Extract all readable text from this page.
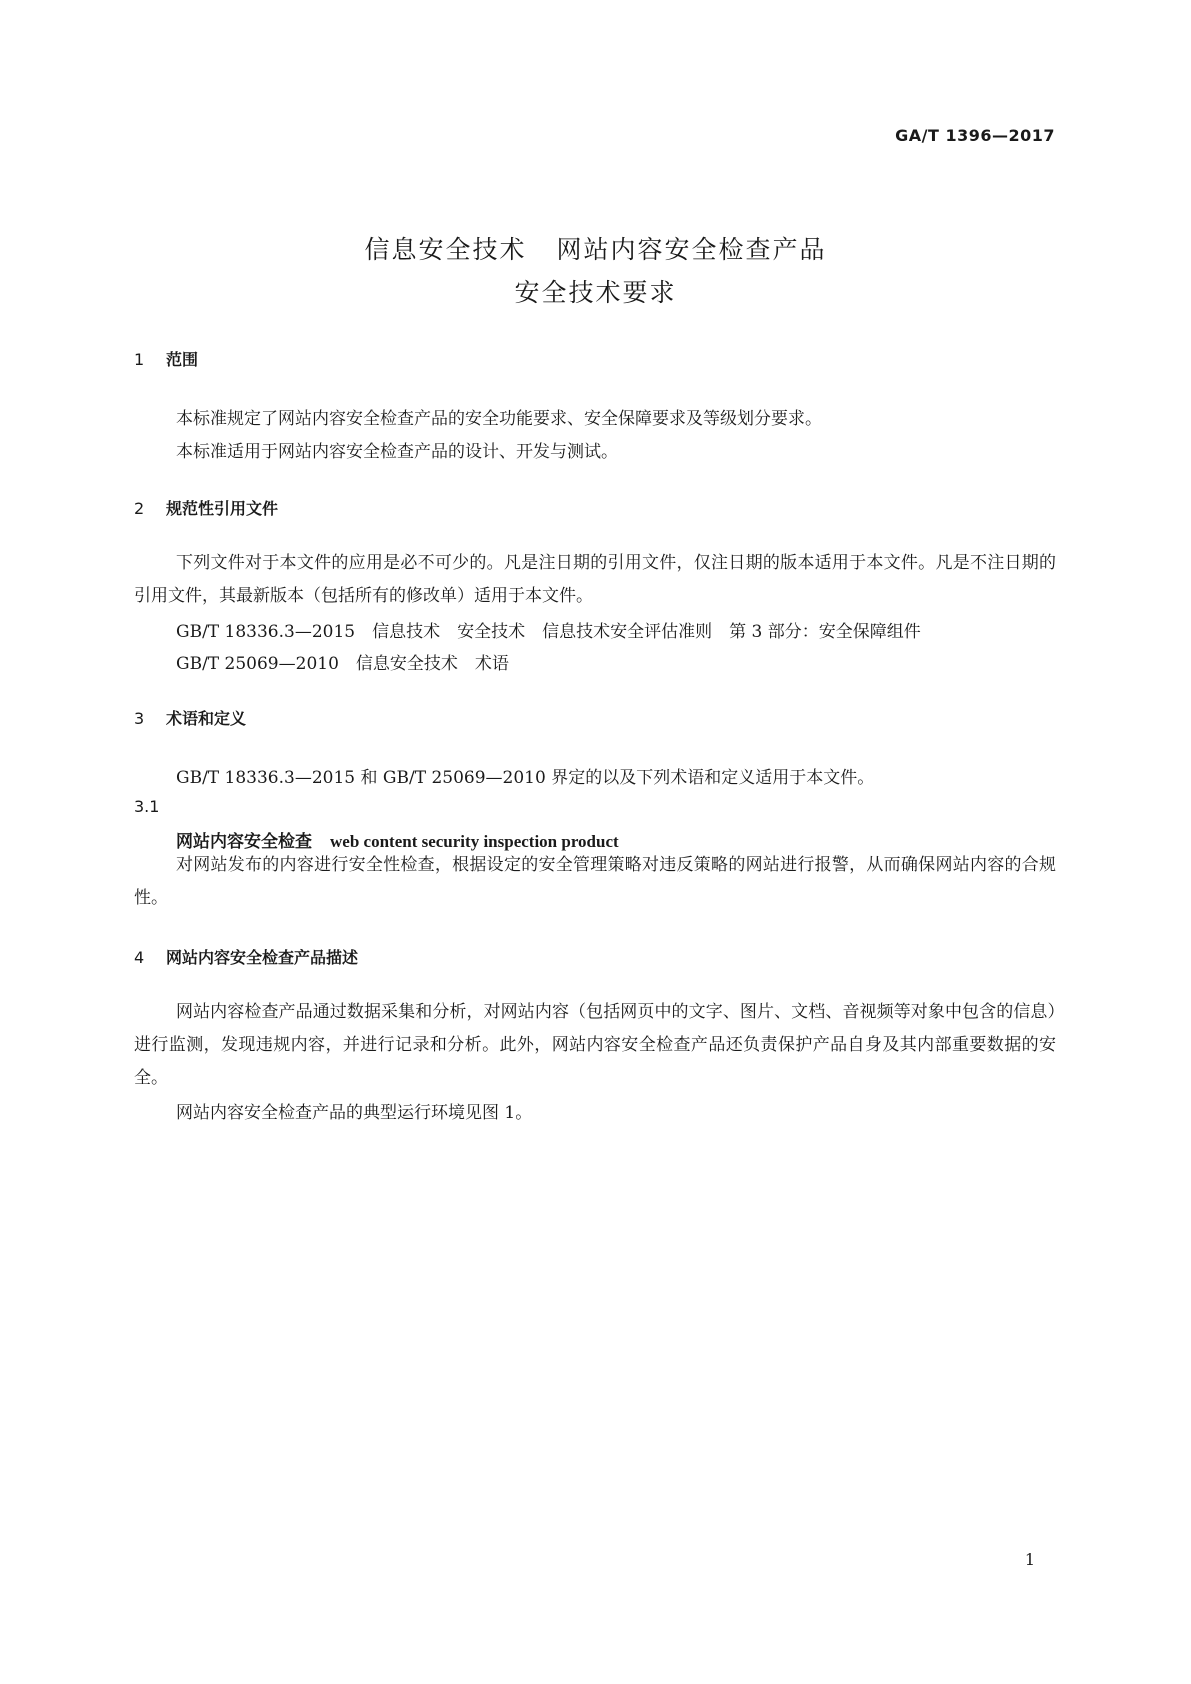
GA/T 1396—2017
信息安全技术 网站内容安全检查产品
安全技术要求
1 范围
本标准规定了网站内容安全检查产品的安全功能要求、安全保障要求及等级划分要求。
本标准适用于网站内容安全检查产品的设计、开发与测试。
2 规范性引用文件
下列文件对于本文件的应用是必不可少的。凡是注日期的引用文件，仅注日期的版本适用于本文件。凡是不注日期的引用文件，其最新版本（包括所有的修改单）适用于本文件。
GB/T 18336.3—2015　信息技术　安全技术　信息技术安全评估准则　第 3 部分：安全保障组件
GB/T 25069—2010　信息安全技术　术语
3 术语和定义
GB/T 18336.3—2015 和 GB/T 25069—2010 界定的以及下列术语和定义适用于本文件。
3.1
网站内容安全检查 web content security inspection product
对网站发布的内容进行安全性检查，根据设定的安全管理策略对违反策略的网站进行报警，从而确保网站内容的合规性。
4 网站内容安全检查产品描述
网站内容检查产品通过数据采集和分析，对网站内容（包括网页中的文字、图片、文档、音视频等对象中包含的信息）进行监测，发现违规内容，并进行记录和分析。此外，网站内容安全检查产品还负责保护产品自身及其内部重要数据的安全。
网站内容安全检查产品的典型运行环境见图 1。
1
